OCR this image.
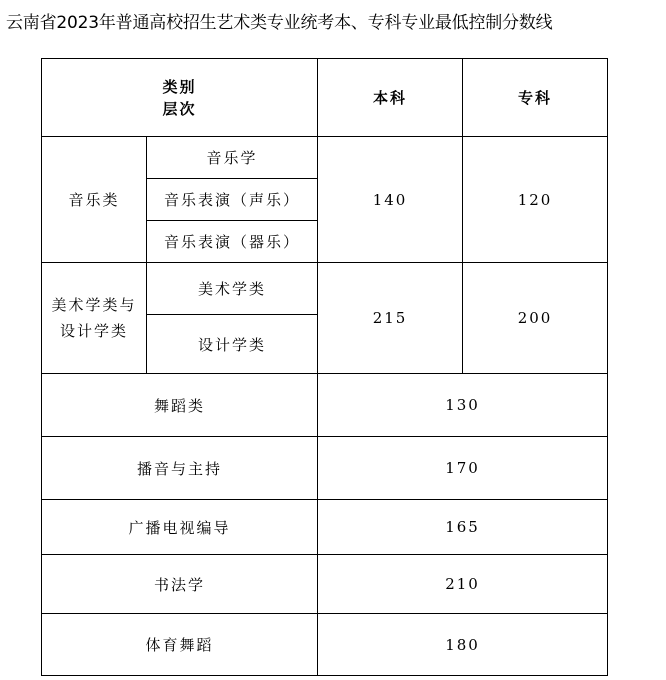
云南省2023年普通高校招生艺术类专业统考本、专科专业最低控制分数线
类别
层次		本科	专科
音乐类	音乐学	140	120
	音乐表演（声乐）		
	音乐表演（器乐）		

美术学类与
设计学类	美术学类	215	200
	设计学类		
舞蹈类		130	
播音与主持		170	
广播电视编导		165	
书法学		210	
体育舞蹈		180	
